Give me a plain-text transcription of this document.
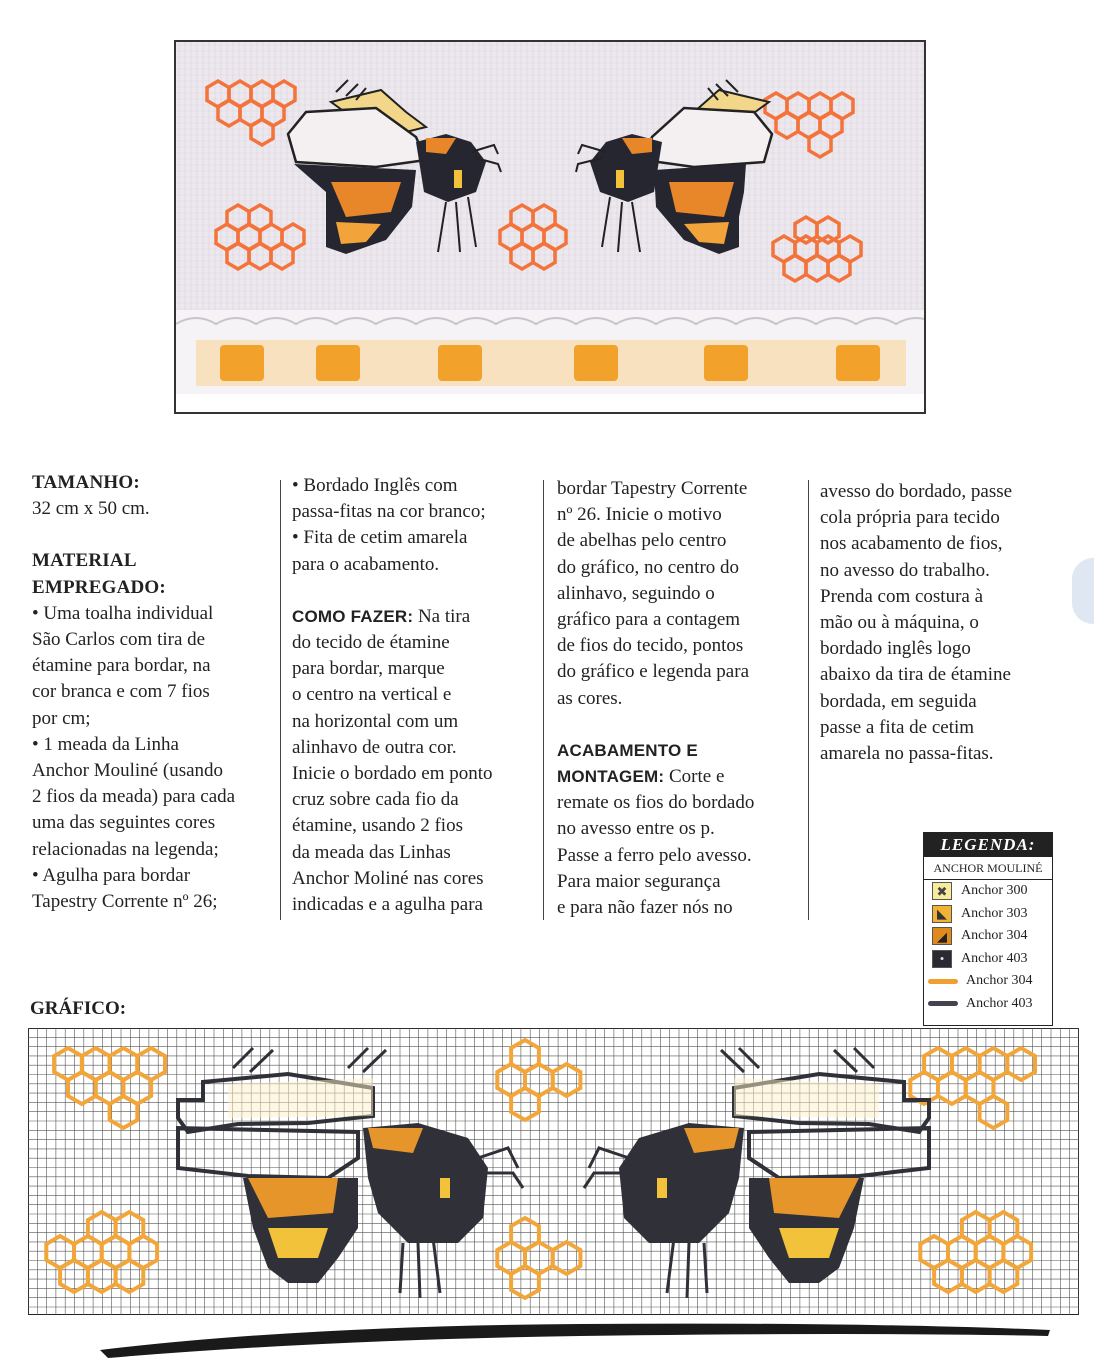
TAMANHO:

32 cm x 50 cm.

MATERIAL

EMPREGADO:

• Uma toalha individual

São Carlos com tira de

étamine para bordar, na

cor branca e com 7 fios

por cm;

• 1 meada da Linha

Anchor Mouliné (usando

2 fios da meada) para cada

uma das seguintes cores

relacionadas na legenda;

• Agulha para bordar

Tapestry Corrente nº 26;

• Bordado Inglês com

passa-fitas na cor branco;

• Fita de cetim amarela

para o acabamento.

COMO FAZER: Na tira

do tecido de étamine

para bordar, marque

o centro na vertical e

na horizontal com um

alinhavo de outra cor.

Inicie o bordado em ponto

cruz sobre cada fio da

étamine, usando 2 fios

da meada das Linhas

Anchor Moliné nas cores

indicadas e a agulha para

bordar Tapestry Corrente

nº 26. Inicie o motivo

de abelhas pelo centro

do gráfico, no centro do

alinhavo, seguindo o

gráfico para a contagem

de fios do tecido, pontos

do gráfico e legenda para

as cores.

ACABAMENTO E

MONTAGEM: Corte e

remate os fios do bordado

no avesso entre os p.

Passe a ferro pelo avesso.

Para maior segurança

e para não fazer nós no

avesso do bordado, passe

cola própria para tecido

nos acabamento de fios,

no avesso do trabalho.

Prenda com costura à

mão ou à máquina, o

bordado inglês logo

abaixo da tira de étamine

bordada, em seguida

passe a fita de cetim

amarela no passa-fitas.

LEGENDA:
ANCHOR MOULINÉ
✖ Anchor 300
◣	Anchor 303
◢	Anchor 304
•	Anchor 403
Anchor 304
Anchor 403
GRÁFICO:
